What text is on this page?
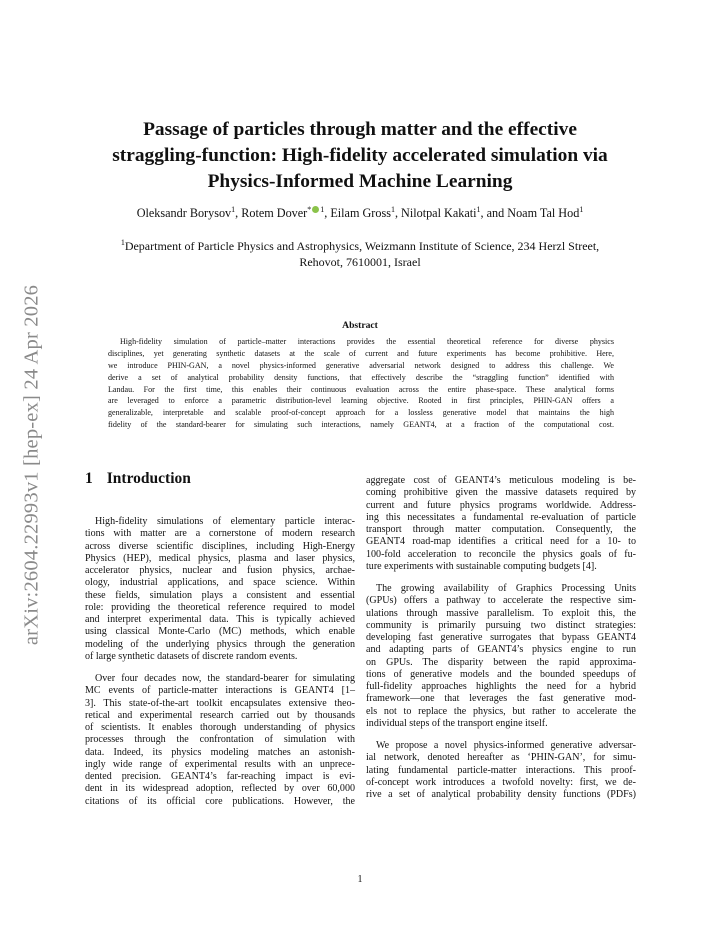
arXiv:2604.22993v1 [hep-ex] 24 Apr 2026
Passage of particles through matter and the effective
straggling-function: High-fidelity accelerated simulation via
Physics-Informed Machine Learning
Oleksandr Borysov$^1$, Rotem Dover* $^1$, Eilam Gross$^1$, Nilotpal Kakati$^1$, and Noam Tal Hod$^1$
$^1$Department of Particle Physics and Astrophysics, Weizmann Institute of Science, 234 Herzl Street,
Rehovot, 7610001, Israel
Abstract
High-fidelity simulation of particle–matter interactions provides the essential theoretical reference for diverse physics
disciplines, yet generating synthetic datasets at the scale of current and future experiments has become prohibitive. Here,
we introduce PHIN-GAN, a novel physics-informed generative adversarial network designed to address this challenge. We
derive a set of analytical probability density functions, that effectively describe the “straggling function” identified with
Landau. For the first time, this enables their continuous evaluation across the entire phase-space. These analytical forms
are leveraged to enforce a parametric distribution-level learning objective. Rooted in first principles, PHIN-GAN offers a
generalizable, interpretable and scalable proof-of-concept approach for a lossless generative model that maintains the high
fidelity of the standard-bearer for simulating such interactions, namely GEANT4, at a fraction of the computational cost.
1 Introduction
High-fidelity simulations of elementary particle interac-
tions with matter are a cornerstone of modern research
across diverse scientific disciplines, including High-Energy
Physics (HEP), medical physics, plasma and laser physics,
accelerator physics, nuclear and fusion physics, archae-
ology, industrial applications, and space science. Within
these fields, simulation plays a consistent and essential
role: providing the theoretical reference required to model
and interpret experimental data. This is typically achieved
using classical Monte-Carlo (MC) methods, which enable
modeling of the underlying physics through the generation
of large synthetic datasets of discrete random events.
Over four decades now, the standard-bearer for simulating
MC events of particle-matter interactions is GEANT4 [1–
3]. This state-of-the-art toolkit encapsulates extensive theo-
retical and experimental research carried out by thousands
of scientists. It enables thorough understanding of physics
processes through the confrontation of simulation with
data. Indeed, its physics modeling matches an astonish-
ingly wide range of experimental results with an unprece-
dented precision. GEANT4’s far-reaching impact is evi-
dent in its widespread adoption, reflected by over 60,000
citations of its official core publications. However, the
aggregate cost of GEANT4’s meticulous modeling is be-
coming prohibitive given the massive datasets required by
current and future physics programs worldwide. Address-
ing this necessitates a fundamental re-evaluation of particle
transport through matter computation. Consequently, the
GEANT4 road-map identifies a critical need for a 10- to
100-fold acceleration to reconcile the physics goals of fu-
ture experiments with sustainable computing budgets [4].
The growing availability of Graphics Processing Units
(GPUs) offers a pathway to accelerate the respective sim-
ulations through massive parallelism. To exploit this, the
community is primarily pursuing two distinct strategies:
developing fast generative surrogates that bypass GEANT4
and adapting parts of GEANT4’s physics engine to run
on GPUs. The disparity between the rapid approxima-
tions of generative models and the bounded speedups of
full-fidelity approaches highlights the need for a hybrid
framework—one that leverages the fast generative mod-
els not to replace the physics, but rather to accelerate the
individual steps of the transport engine itself.
We propose a novel physics-informed generative adversar-
ial network, denoted hereafter as ‘PHIN-GAN’, for simu-
lating fundamental particle-matter interactions. This proof-
of-concept work introduces a twofold novelty: first, we de-
rive a set of analytical probability density functions (PDFs)
1
